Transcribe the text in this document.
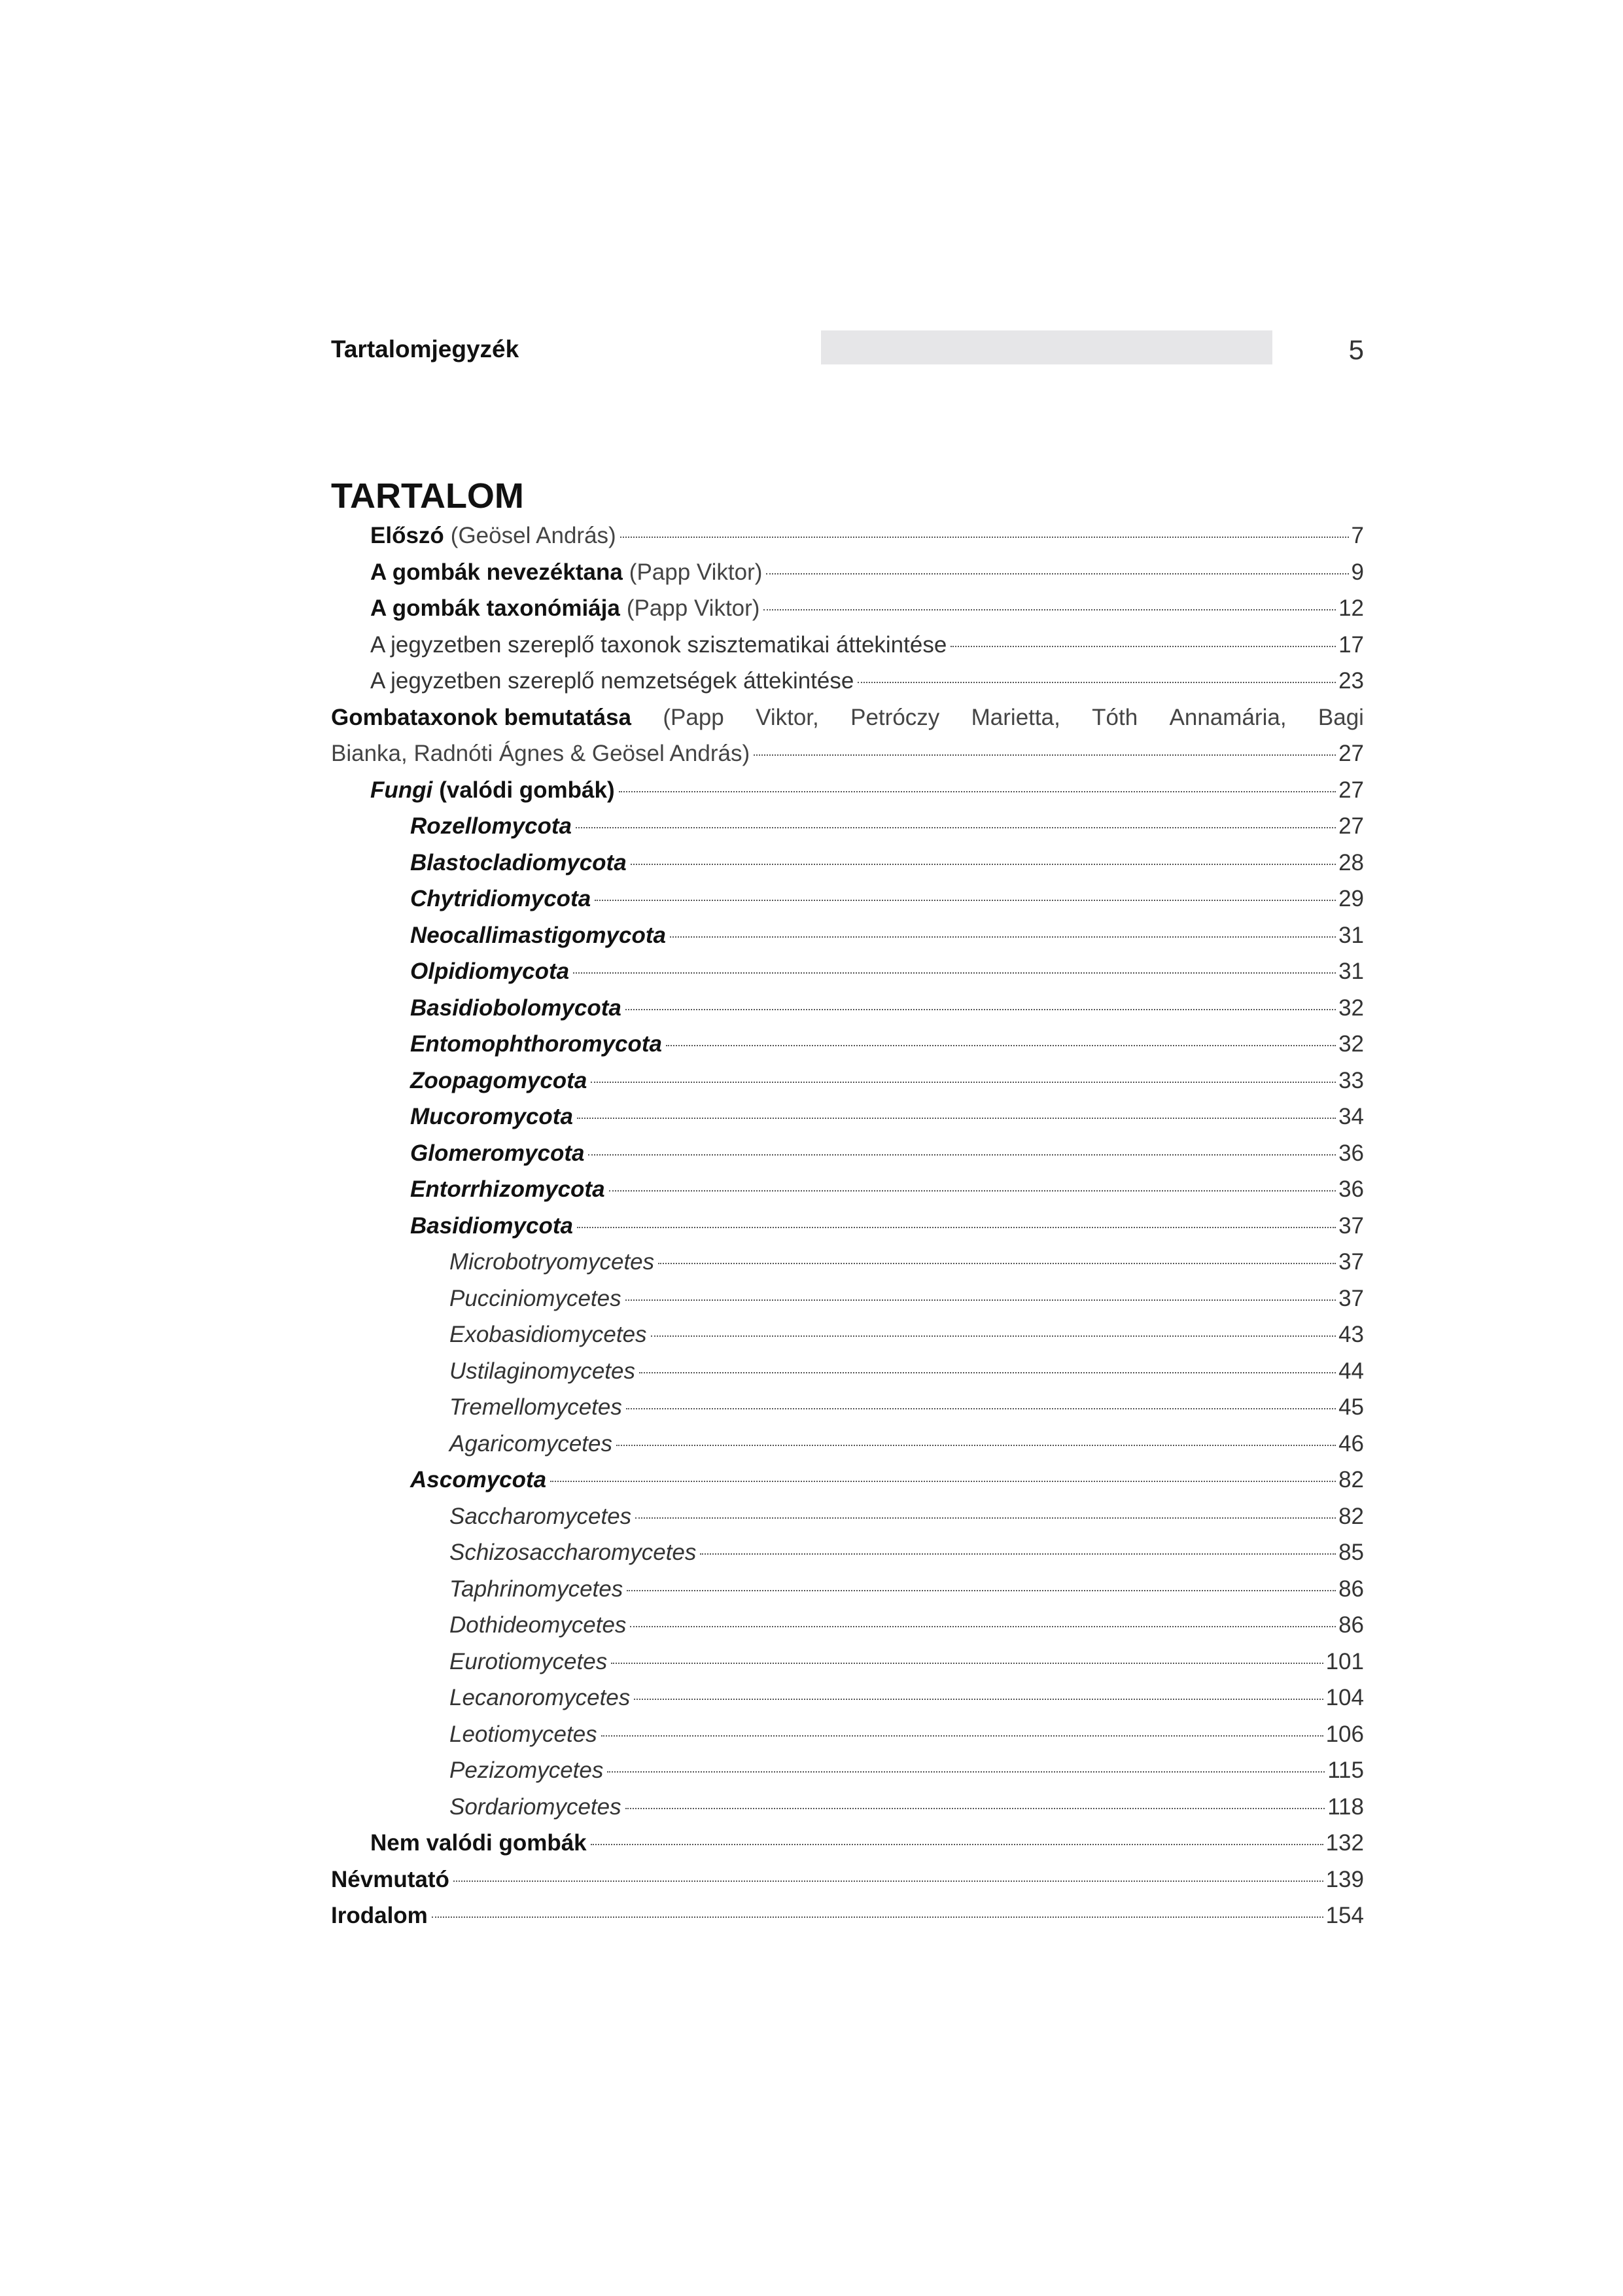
Tartalomjegyzék	5
TARTALOM
Előszó (Geösel András)	7
A gombák nevezéktana (Papp Viktor)	9
A gombák taxonómiája (Papp Viktor)	12
A jegyzetben szereplő taxonok szisztematikai áttekintése	17
A jegyzetben szereplő nemzetségek áttekintése	23
Gombataxonok bemutatása (Papp Viktor, Petróczy Marietta, Tóth Annamária, Bagi
Bianka, Radnóti Ágnes & Geösel András)	27
Fungi (valódi gombák)	27
Rozellomycota	27
Blastocladiomycota	28
Chytridiomycota	29
Neocallimastigomycota	31
Olpidiomycota	31
Basidiobolomycota	32
Entomophthoromycota	32
Zoopagomycota	33
Mucoromycota	34
Glomeromycota	36
Entorrhizomycota	36
Basidiomycota	37
Microbotryomycetes	37
Pucciniomycetes	37
Exobasidiomycetes	43
Ustilaginomycetes	44
Tremellomycetes	45
Agaricomycetes	46
Ascomycota	82
Saccharomycetes	82
Schizosaccharomycetes	85
Taphrinomycetes	86
Dothideomycetes	86
Eurotiomycetes	101
Lecanoromycetes	104
Leotiomycetes	106
Pezizomycetes	115
Sordariomycetes	118
Nem valódi gombák	132
Névmutató	139
Irodalom	154
